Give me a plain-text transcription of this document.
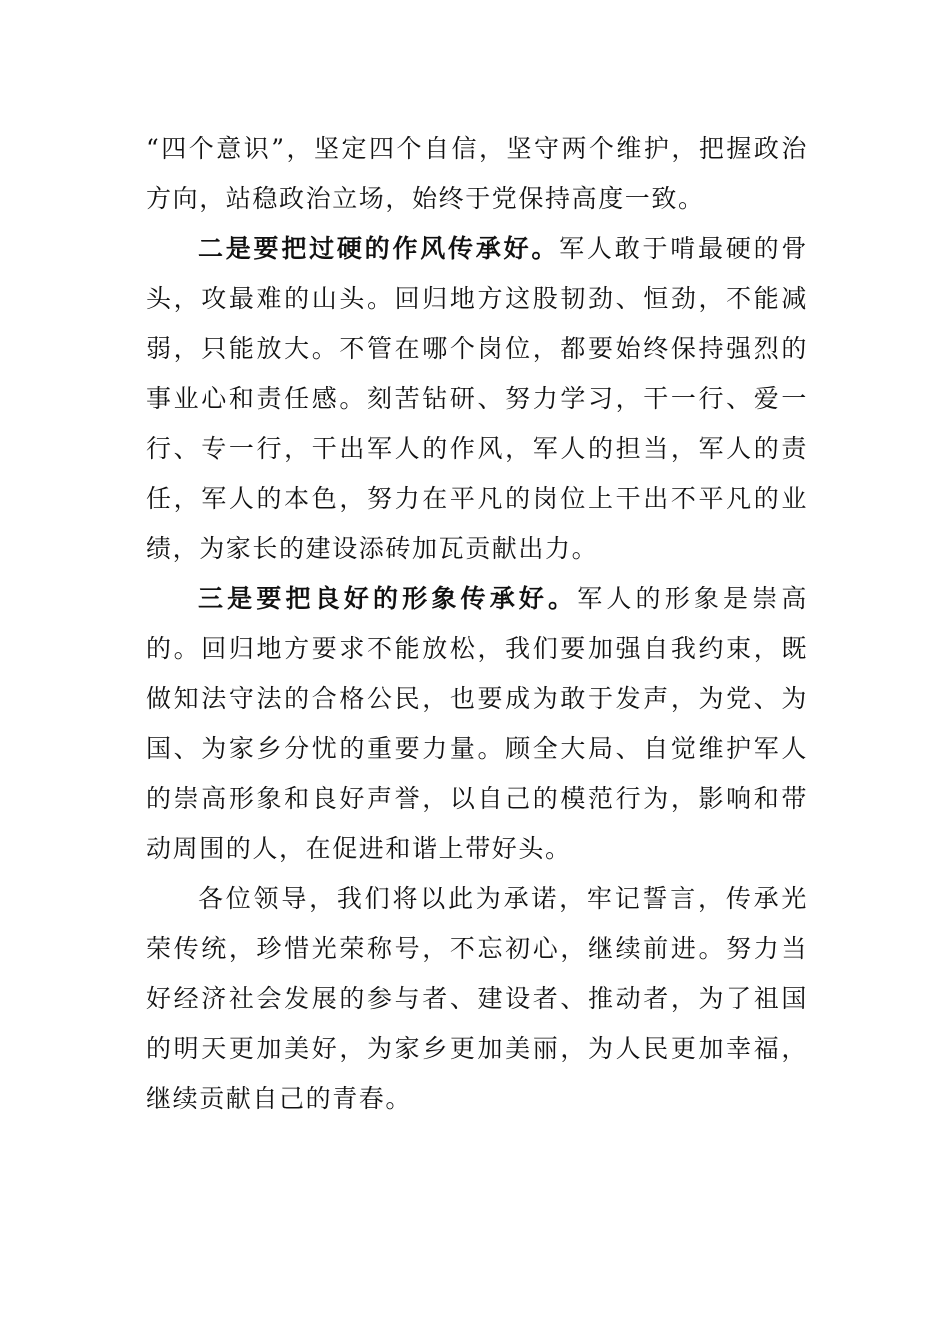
“四个意识”，坚定四个自信，坚守两个维护，把握政治方向，站稳政治立场，始终于党保持高度一致。

二是要把过硬的作风传承好。军人敢于啃最硬的骨头，攻最难的山头。回归地方这股韧劲、恒劲，不能减弱，只能放大。不管在哪个岗位，都要始终保持强烈的事业心和责任感。刻苦钻研、努力学习，干一行、爱一行、专一行，干出军人的作风，军人的担当，军人的责任，军人的本色，努力在平凡的岗位上干出不平凡的业绩，为家长的建设添砖加瓦贡献出力。

三是要把良好的形象传承好。军人的形象是崇高的。回归地方要求不能放松，我们要加强自我约束，既做知法守法的合格公民，也要成为敢于发声，为党、为国、为家乡分忧的重要力量。顾全大局、自觉维护军人的崇高形象和良好声誉，以自己的模范行为，影响和带动周围的人，在促进和谐上带好头。

各位领导，我们将以此为承诺，牢记誓言，传承光荣传统，珍惜光荣称号，不忘初心，继续前进。努力当好经济社会发展的参与者、建设者、推动者，为了祖国的明天更加美好，为家乡更加美丽，为人民更加幸福，继续贡献自己的青春。
